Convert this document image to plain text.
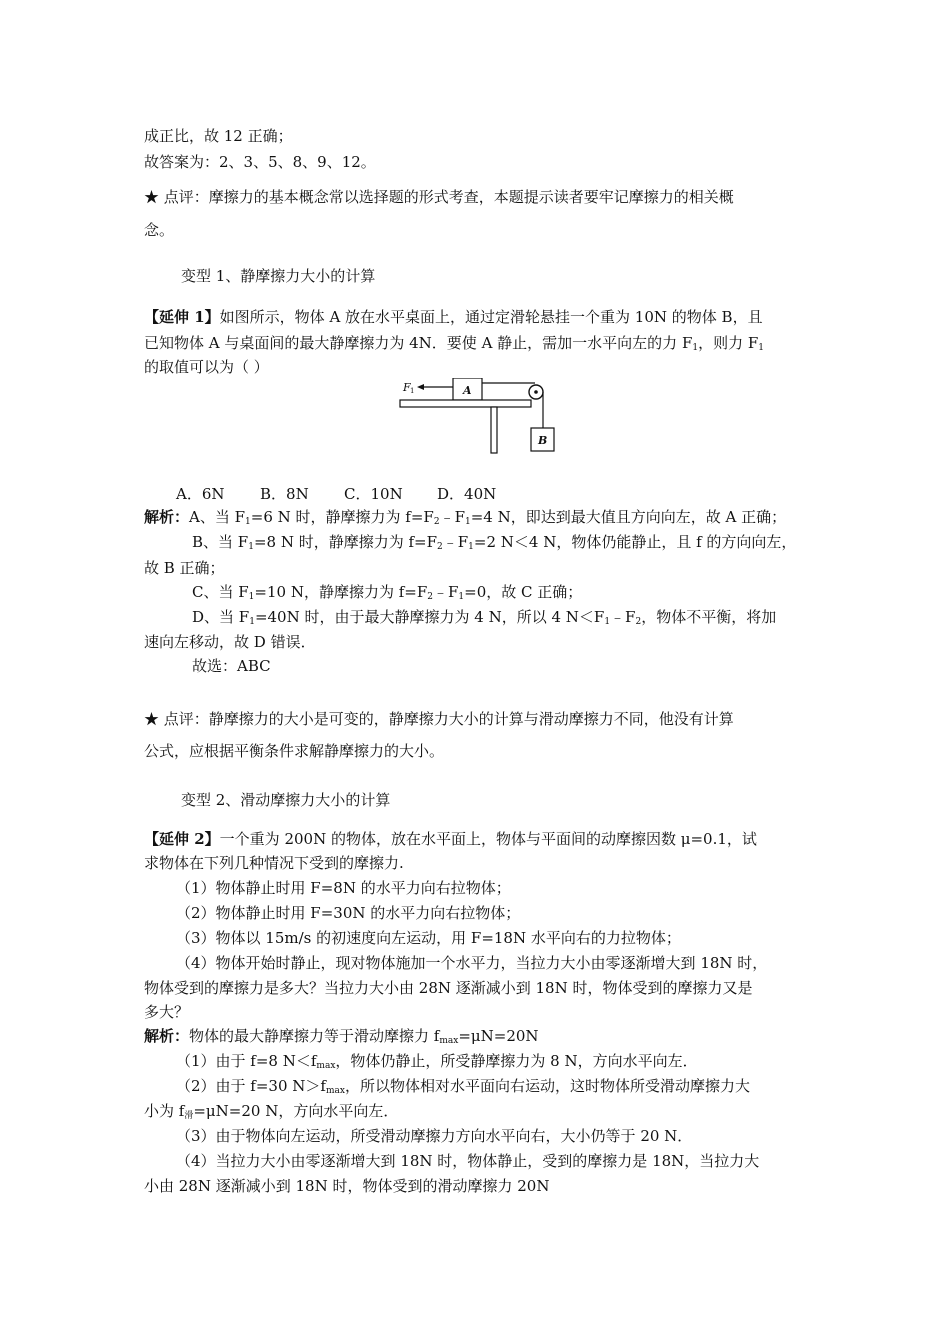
成正比，故 12 正确；
故答案为：2、3、5、8、9、12。
★ 点评：摩擦力的基本概念常以选择题的形式考查，本题提示读者要牢记摩擦力的相关概
念。
变型 1、静摩擦力大小的计算
【延伸 1】如图所示，物体 A 放在水平桌面上，通过定滑轮悬挂一个重为 10N 的物体 B，且
已知物体 A 与桌面间的最大静摩擦力为 4N．要使 A 静止，需加一水平向左的力 $F_1$，则力 $F_1$
的取值可以为（ ）
F 1	A
B
A．6N B．8N C．10N D．40N
解析：A、当 $F_1=6$ N 时，静摩擦力为 $f=F_2﹣F_1=4$ N，即达到最大值且方向向左，故 A 正确；
B、当 $F_1=8$ N 时，静摩擦力为 $f=F_2﹣F_1=2$ N＜4 N，物体仍能静止，且 f 的方向向左，
故 B 正确；
C、当 $F_1=10$ N，静摩擦力为 $f=F_2﹣F_1=0$，故 C 正确；
D、当 $F_1=40N$ 时，由于最大静摩擦力为 4 N，所以 4 $N<F_1﹣F_2$，物体不平衡，将加
速向左移动，故 D 错误．
故选：ABC
★ 点评：静摩擦力的大小是可变的，静摩擦力大小的计算与滑动摩擦力不同，他没有计算
公式，应根据平衡条件求解静摩擦力的大小。
变型 2、滑动摩擦力大小的计算
【延伸 2】一个重为 200N 的物体，放在水平面上，物体与平面间的动摩擦因数 μ=0.1，试
求物体在下列几种情况下受到的摩擦力.
（1）物体静止时用 F=8N 的水平力向右拉物体；
（2）物体静止时用 F=30N 的水平力向右拉物体；
（3）物体以 15m/s 的初速度向左运动，用 F=18N 水平向右的力拉物体；
（4）物体开始时静止，现对物体施加一个水平力，当拉力大小由零逐渐增大到 18N 时，
物体受到的摩擦力是多大？当拉力大小由 28N 逐渐减小到 18N 时，物体受到的摩擦力又是
多大？
解析：物体的最大静摩擦力等于滑动摩擦力 $f_{max}=\mu N=20N$
（1）由于 f=8 $N<f_{max}$，物体仍静止，所受静摩擦力为 8 N，方向水平向左．
（2）由于 f=30 $N>f_{max}$，所以物体相对水平面向右运动，这时物体所受滑动摩擦力大
小为 $f_滑=\mu N=20$ N，方向水平向左．
（3）由于物体向左运动，所受滑动摩擦力方向水平向右，大小仍等于 20 N．
（4）当拉力大小由零逐渐增大到 18N 时，物体静止，受到的摩擦力是 18N，当拉力大
小由 28N 逐渐减小到 18N 时，物体受到的滑动摩擦力 20N
